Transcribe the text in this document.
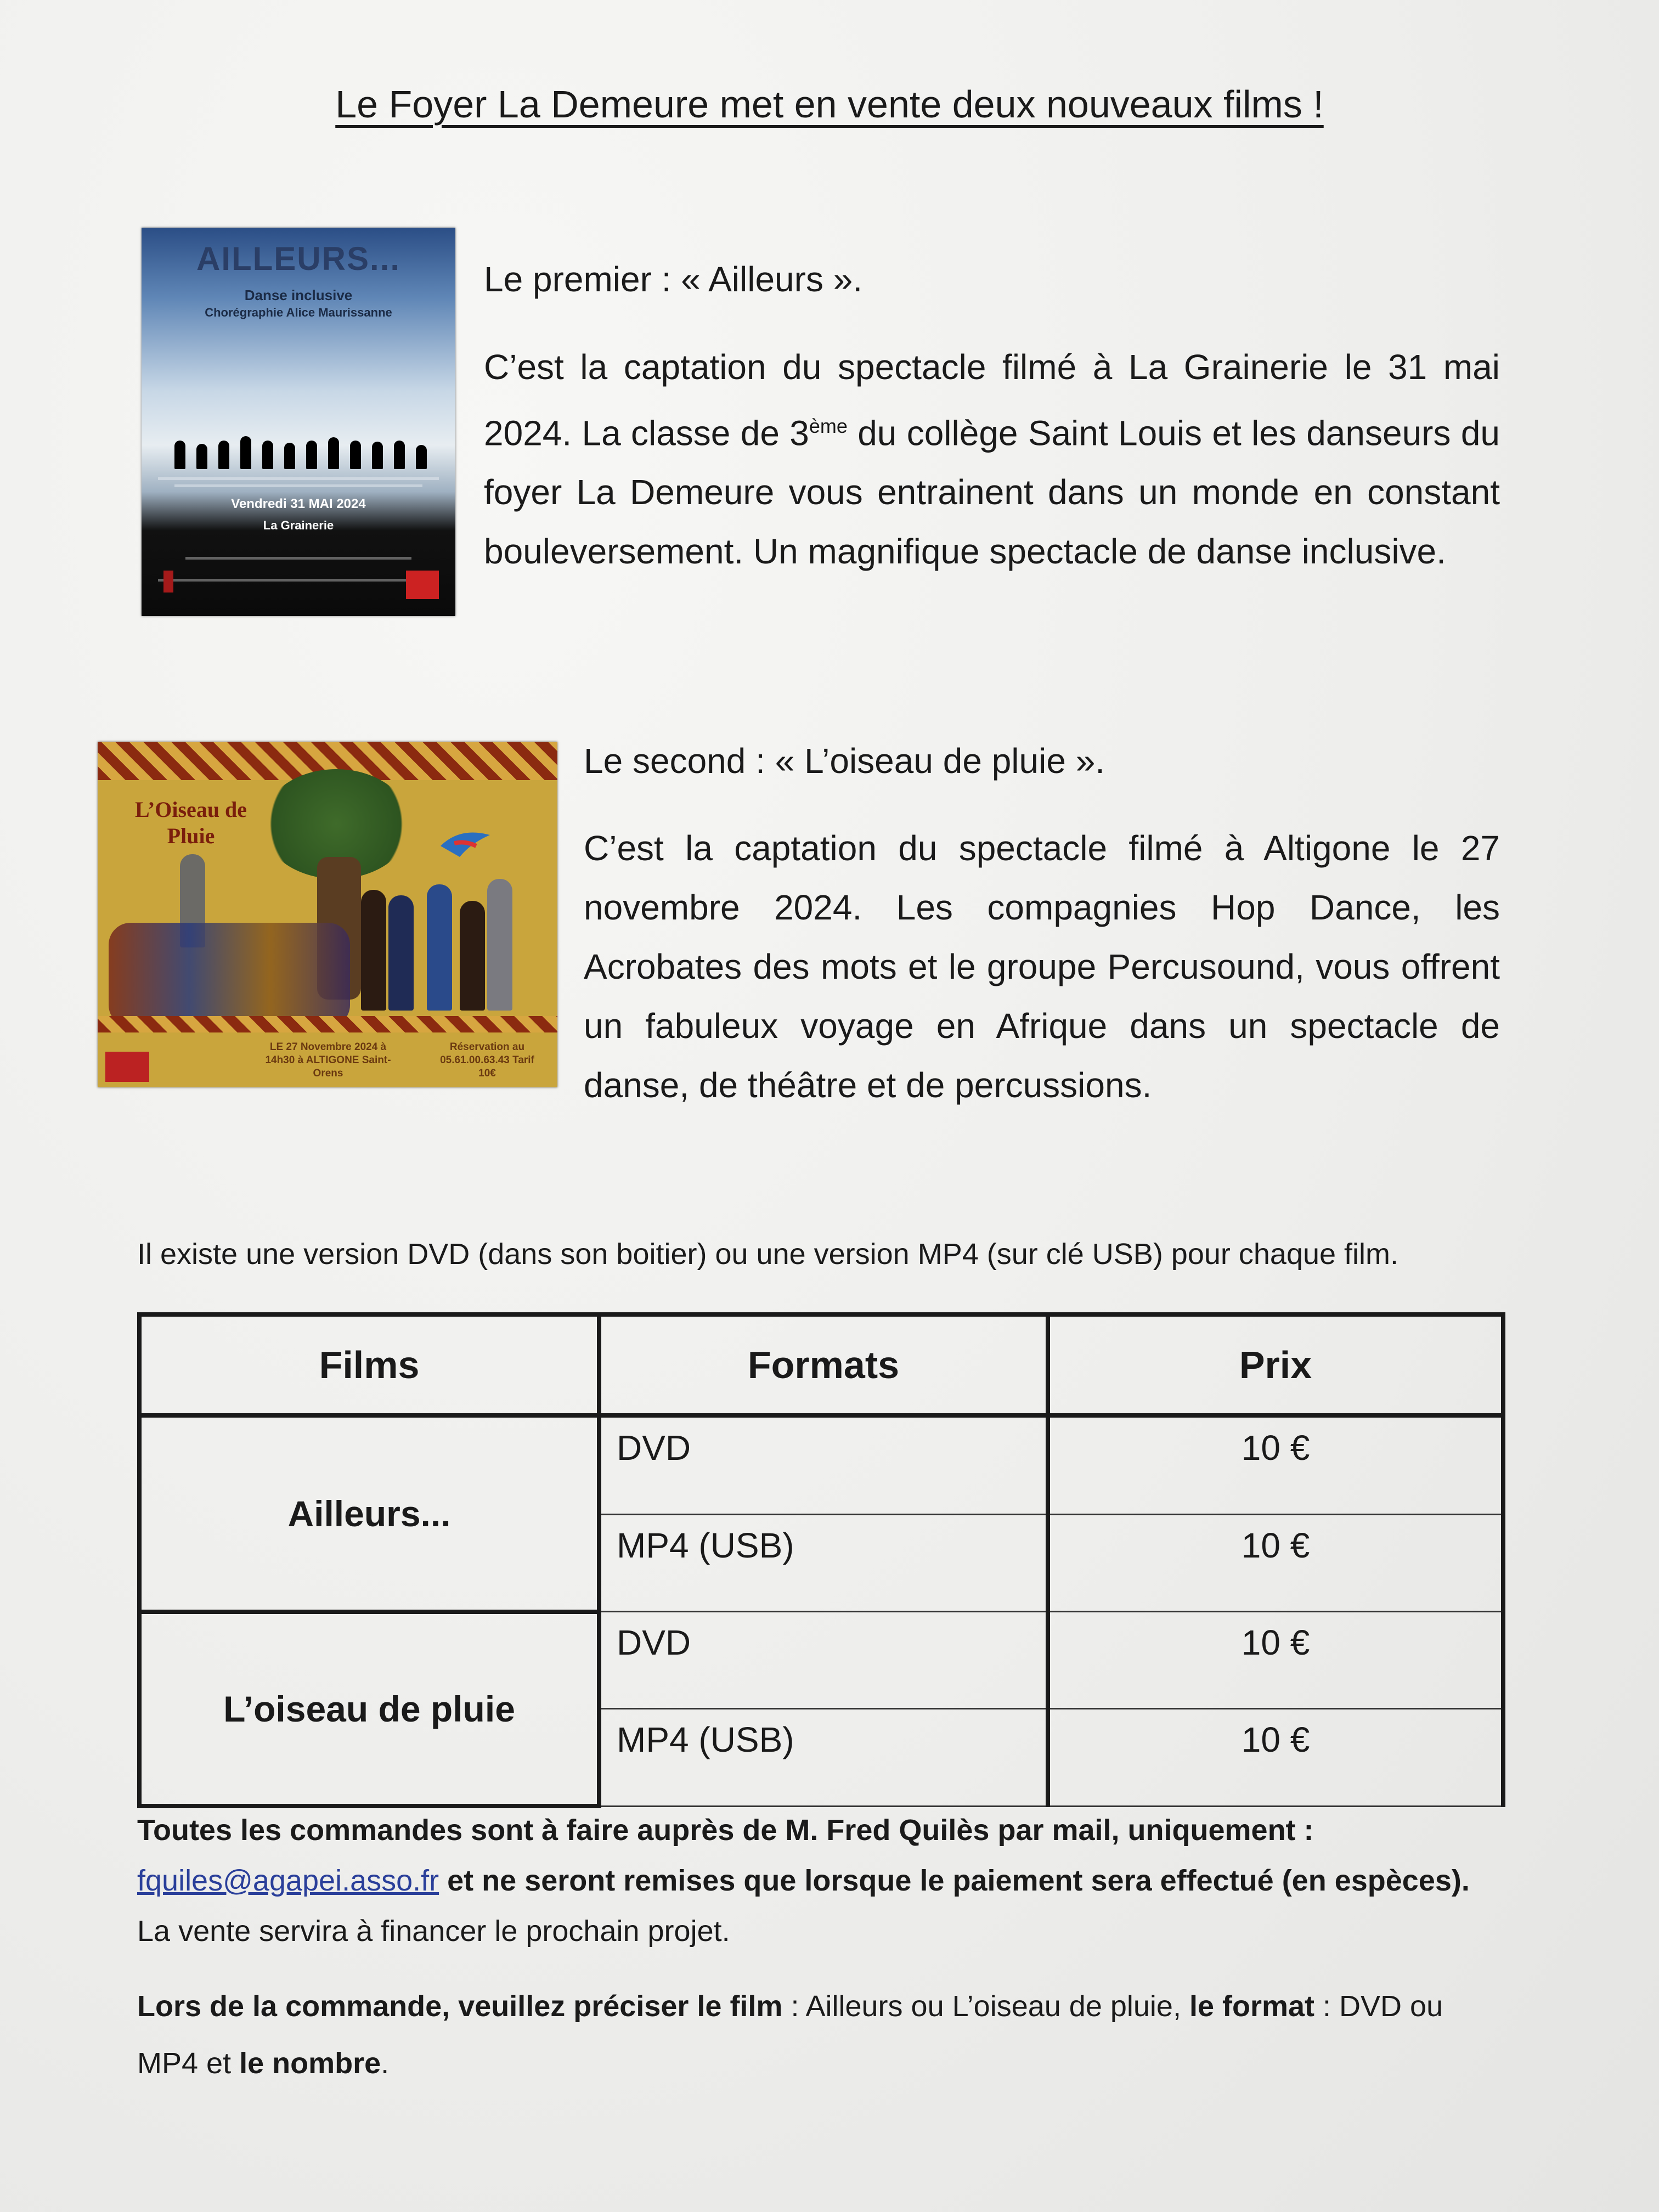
Le Foyer La Demeure met en vente deux nouveaux films !
AILLEURS...
Danse inclusive
Chorégraphie Alice Maurissanne
Vendredi 31 MAI 2024
La Grainerie
Le premier : « Ailleurs ».
C’est la captation du spectacle filmé à La Grainerie le 31 mai 2024. La classe de 3ème du collège Saint Louis et les danseurs du foyer La Demeure vous entrainent dans un monde en constant bouleversement. Un magnifique spectacle de danse inclusive.
L’Oiseau de Pluie
LE 27 Novembre 2024 à 14h30 à ALTIGONE Saint-Orens
Réservation au 05.61.00.63.43 Tarif 10€
Le second : « L’oiseau de pluie ».
C’est la captation du spectacle filmé à Altigone le 27 novembre 2024. Les compagnies Hop Dance, les Acrobates des mots et le groupe Percusound, vous offrent un fabuleux voyage en Afrique dans un spectacle de danse, de théâtre et de percussions.
Il existe une version DVD (dans son boitier) ou une version MP4 (sur clé USB) pour chaque film.
Films	Formats	Prix
Ailleurs...	DVD	10 €
	MP4 (USB)	10 €
L’oiseau de pluie	DVD	10 €
	MP4 (USB)	10 €
Toutes les commandes sont à faire auprès de M. Fred Quilès par mail, uniquement :
fquiles@agapei.asso.fr et ne seront remises que lorsque le paiement sera effectué (en espèces). La vente servira à financer le prochain projet.
Lors de la commande, veuillez préciser le film : Ailleurs ou L’oiseau de pluie, le format : DVD ou MP4 et le nombre.
